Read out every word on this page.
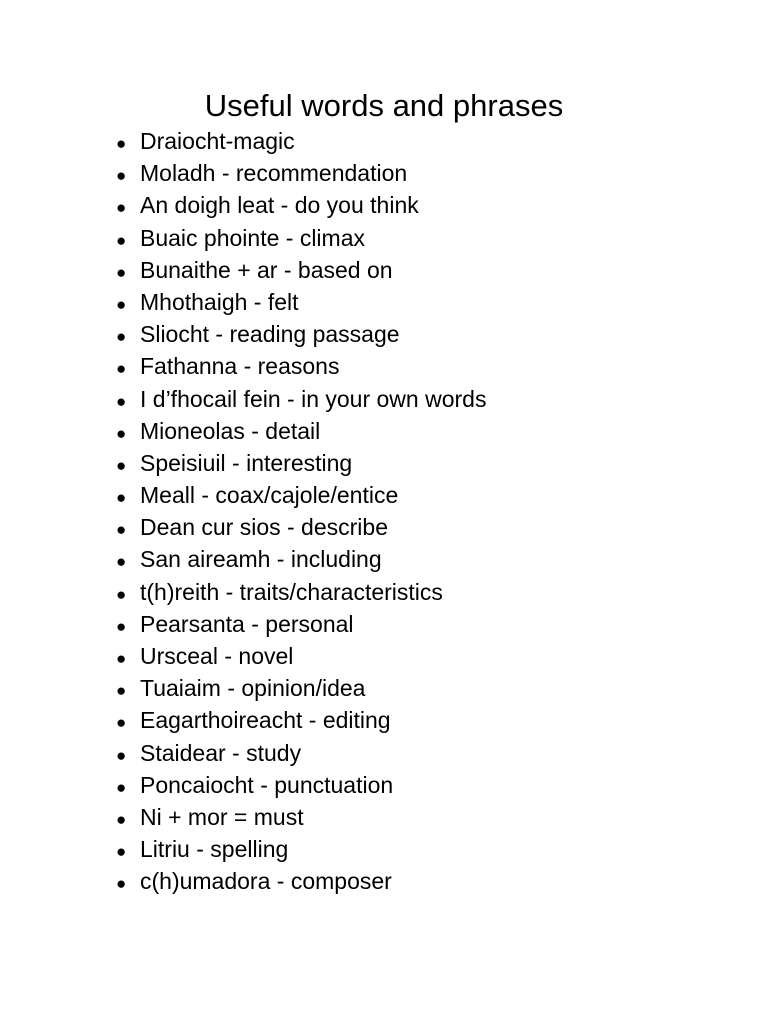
Useful words and phrases
● Draiocht-magic
● Moladh - recommendation
● An doigh leat - do you think
● Buaic phointe - climax
● Bunaithe + ar - based on
● Mhothaigh - felt
● Sliocht - reading passage
● Fathanna - reasons
● I d’fhocail fein - in your own words
● Mioneolas - detail
● Speisiuil - interesting
● Meall - coax/cajole/entice
● Dean cur sios - describe
● San aireamh - including
● t(h)reith - traits/characteristics
● Pearsanta - personal
● Ursceal - novel
● Tuaiaim - opinion/idea
● Eagarthoireacht - editing
● Staidear - study
● Poncaiocht - punctuation
● Ni + mor = must
● Litriu - spelling
● c(h)umadora - composer
